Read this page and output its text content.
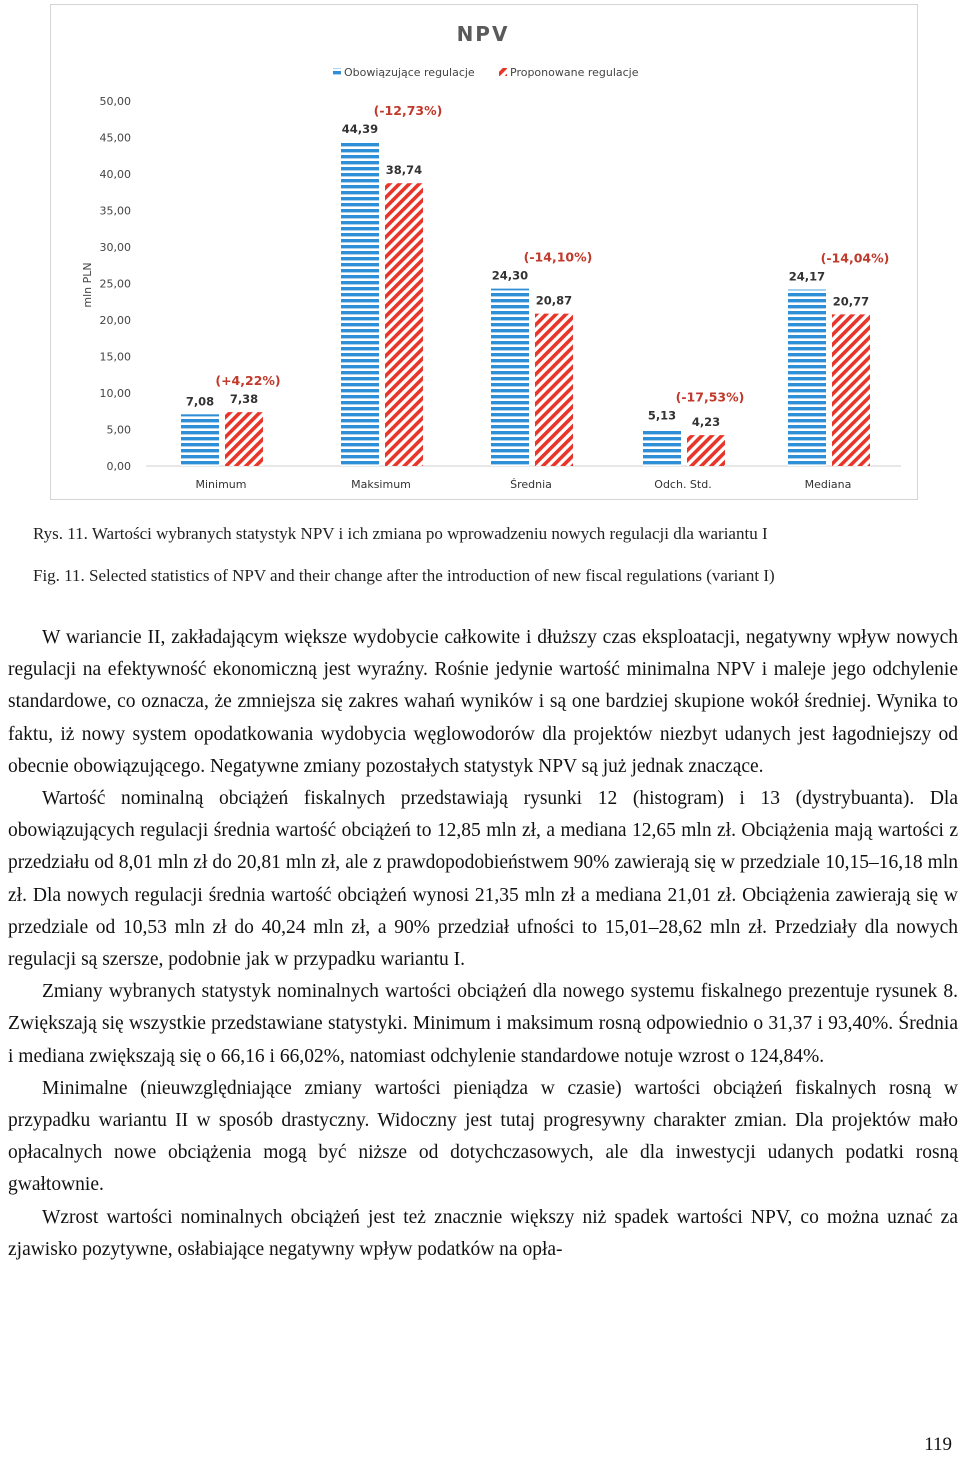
NPV
Obowiązujące regulacje	Proponowane regulacje
0,00
5,00
10,00
15,00
20,00
25,00
30,00
35,00
40,00
45,00
50,00
mln PLN
Minimum
7,08 7,38
(+4,22%)
Maksimum
44,39
38,74
(-12,73%)
Średnia
24,30
20,87
(-14,10%)
Odch. Std.
5,13 4,23
(-17,53%)
Mediana
24,17
20,77
(-14,04%)
Rys. 11. Wartości wybranych statystyk NPV i ich zmiana po wprowadzeniu nowych regulacji dla wariantu I
Fig. 11. Selected statistics of NPV and their change after the introduction of new fiscal regulations (variant I)

W wariancie II, zakładającym większe wydobycie całkowite i dłuższy czas eksploatacji, negatywny wpływ nowych regulacji na efektywność ekonomiczną jest wyraźny. Rośnie jedynie wartość minimalna NPV i maleje jego odchylenie standardowe, co oznacza, że zmniejsza się zakres wahań wyników i są one bardziej skupione wokół średniej. Wynika to faktu, iż nowy system opodatkowania wydobycia węglowodorów dla projektów niezbyt udanych jest łagodniejszy od obecnie obowiązującego. Negatywne zmiany pozostałych statystyk NPV są już jednak znaczące.

Wartość nominalną obciążeń fiskalnych przedstawiają rysunki 12 (histogram) i 13 (dystrybuanta). Dla obowiązujących regulacji średnia wartość obciążeń to 12,85 mln zł, a mediana 12,65 mln zł. Obciążenia mają wartości z przedziału od 8,01 mln zł do 20,81 mln zł, ale z prawdopodobieństwem 90% zawierają się w przedziale 10,15–16,18 mln zł. Dla nowych regulacji średnia wartość obciążeń wynosi 21,35 mln zł a mediana 21,01 zł. Obciążenia zawierają się w przedziale od 10,53 mln zł do 40,24 mln zł, a 90% przedział ufności to 15,01–28,62 mln zł. Przedziały dla nowych regulacji są szersze, podobnie jak w przypadku wariantu I.

Zmiany wybranych statystyk nominalnych wartości obciążeń dla nowego systemu fiskalnego prezentuje rysunek 8. Zwiększają się wszystkie przedstawiane statystyki. Minimum i maksimum rosną odpowiednio o 31,37 i 93,40%. Średnia i mediana zwiększają się o 66,16 i 66,02%, natomiast odchylenie standardowe notuje wzrost o 124,84%.

Minimalne (nieuwzględniające zmiany wartości pieniądza w czasie) wartości obciążeń fiskalnych rosną w przypadku wariantu II w sposób drastyczny. Widoczny jest tutaj progresywny charakter zmian. Dla projektów mało opłacalnych nowe obciążenia mogą być niższe od dotychczasowych, ale dla inwestycji udanych podatki rosną gwałtownie.

Wzrost wartości nominalnych obciążeń jest też znacznie większy niż spadek wartości NPV, co można uznać za zjawisko pozytywne, osłabiające negatywny wpływ podatków na opła-

119
